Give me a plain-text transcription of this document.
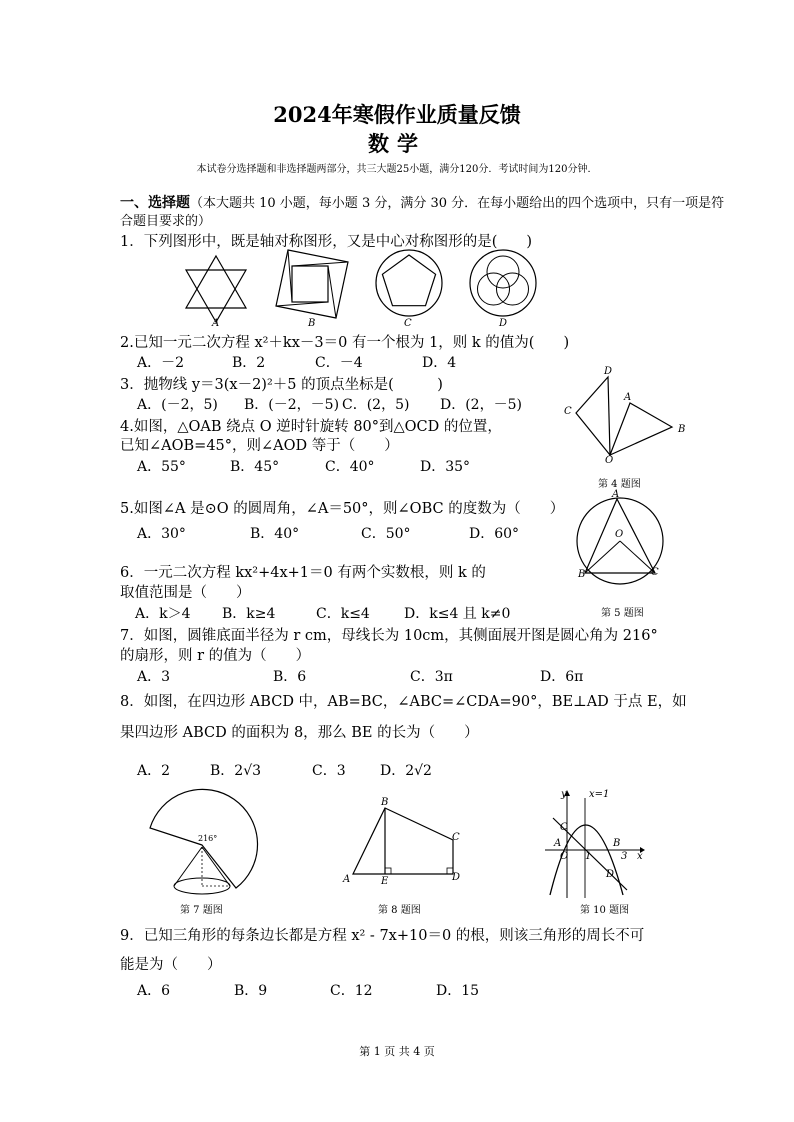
2024年寒假作业质量反馈
数学
本试卷分选择题和非选择题两部分，共三大题25小题，满分120分．考试时间为120分钟．
一、选择题（本大题共 10 小题，每小题 3 分，满分 30 分．在每小题给出的四个选项中，只有一项是符
合题目要求的）
1．下列图形中，既是轴对称图形，又是中心对称图形的是(　　)
A	B	C	D
2.已知一元二次方程 x²＋kx－3＝0 有一个根为 1，则 k 的值为(　　)
A．－2	B．2	C．－4	D．4
3．抛物线 y＝3(x－2)²＋5 的顶点坐标是(　　　)
A．(－2，5) B．(－2，－5) C．(2，5) D．(2，－5)
4.如图，△OAB 绕点 O 逆时针旋转 80°到△OCD 的位置，
已知∠AOB=45°，则∠AOD 等于（　　）
A．55°	B．45°	C．40°	D．35°
D
C
A
B
O
第 4 题图
5.如图∠A 是⊙O 的圆周角，∠A＝50°，则∠OBC 的度数为（　　）
A．30°	B．40°	C．50°	D．60°
A
O
B	C
第 5 题图
6．一元二次方程 kx²+4x+1＝0 有两个实数根，则 k 的
取值范围是（　　）
A．k＞4 B．k≥4	C．k≤4 D．k≤4 且 k≠0
7．如图，圆锥底面半径为 r cm，母线长为 10cm，其侧面展开图是圆心角为 216°
的扇形，则 r 的值为（　　）
A．3	B．6	C．3π	D．6π
8．如图，在四边形 ABCD 中，AB=BC，∠ABC=∠CDA=90°，BE⊥AD 于点 E，如
果四边形 ABCD 的面积为 8，那么 BE 的长为（　　）
A．2	B．2√3	C．3 D．2√2
216°
第 7 题图
B
C
A	E	D
第 8 题图
y x=1
C
A
O 1
B
3 x
D
第 10 题图
9．已知三角形的每条边长都是方程 x² - 7x+10＝0 的根，则该三角形的周长不可
能是为（　　）
A．6	B．9	C．12	D．15
第 1 页 共 4 页
